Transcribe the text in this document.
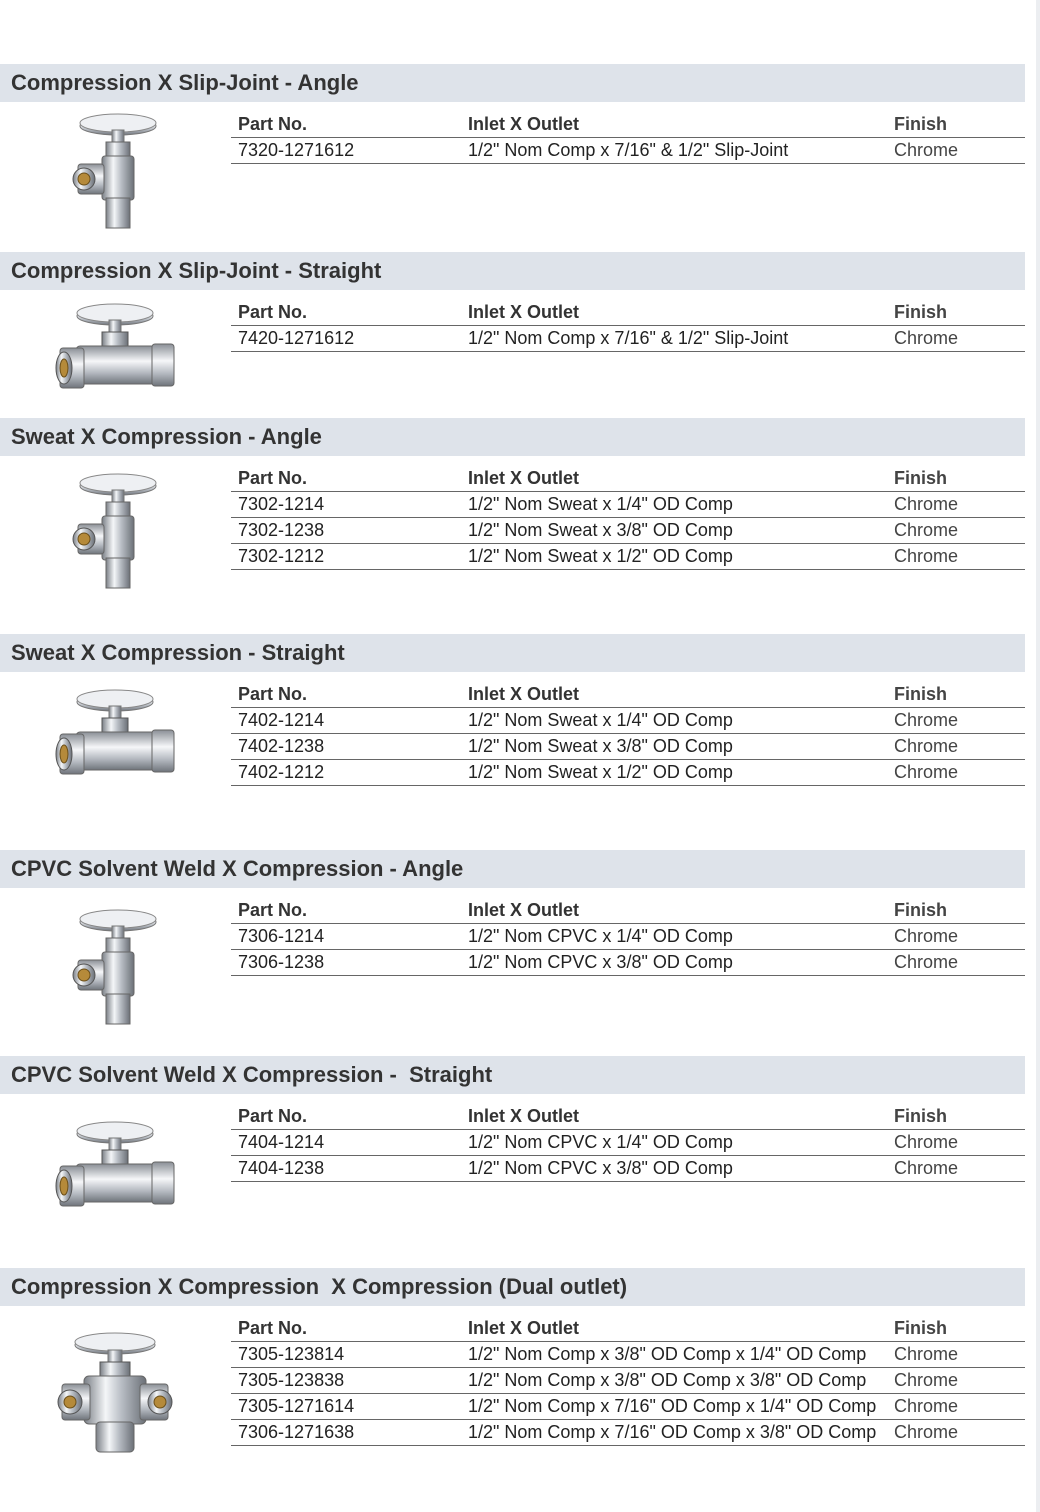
Compression X Slip-Joint - Angle
Part No.	Inlet X Outlet	Finish
7320-1271612	1/2" Nom Comp x 7/16" & 1/2" Slip-Joint	Chrome
Compression X Slip-Joint - Straight
Part No.	Inlet X Outlet	Finish
7420-1271612	1/2" Nom Comp x 7/16" & 1/2" Slip-Joint	Chrome
Sweat X Compression - Angle
Part No.	Inlet X Outlet	Finish
7302-1214	1/2" Nom Sweat x 1/4" OD Comp	Chrome
7302-1238	1/2" Nom Sweat x 3/8" OD Comp	Chrome
7302-1212	1/2" Nom Sweat x 1/2" OD Comp	Chrome
Sweat X Compression - Straight
Part No.	Inlet X Outlet	Finish
7402-1214	1/2" Nom Sweat x 1/4" OD Comp	Chrome
7402-1238	1/2" Nom Sweat x 3/8" OD Comp	Chrome
7402-1212	1/2" Nom Sweat x 1/2" OD Comp	Chrome
CPVC Solvent Weld X Compression - Angle
Part No.	Inlet X Outlet	Finish
7306-1214	1/2" Nom CPVC x 1/4" OD Comp	Chrome
7306-1238	1/2" Nom CPVC x 3/8" OD Comp	Chrome
CPVC Solvent Weld X Compression -  Straight
Part No.	Inlet X Outlet	Finish
7404-1214	1/2" Nom CPVC x 1/4" OD Comp	Chrome
7404-1238	1/2" Nom CPVC x 3/8" OD Comp	Chrome
Compression X Compression  X Compression (Dual outlet)
Part No.	Inlet X Outlet	Finish
7305-123814	1/2" Nom Comp x 3/8" OD Comp x 1/4" OD Comp Chrome
7305-123838	1/2" Nom Comp x 3/8" OD Comp x 3/8" OD Comp Chrome
7305-1271614	1/2" Nom Comp x 7/16" OD Comp x 1/4" OD Comp Chrome
7306-1271638	1/2" Nom Comp x 7/16" OD Comp x 3/8" OD Comp Chrome
